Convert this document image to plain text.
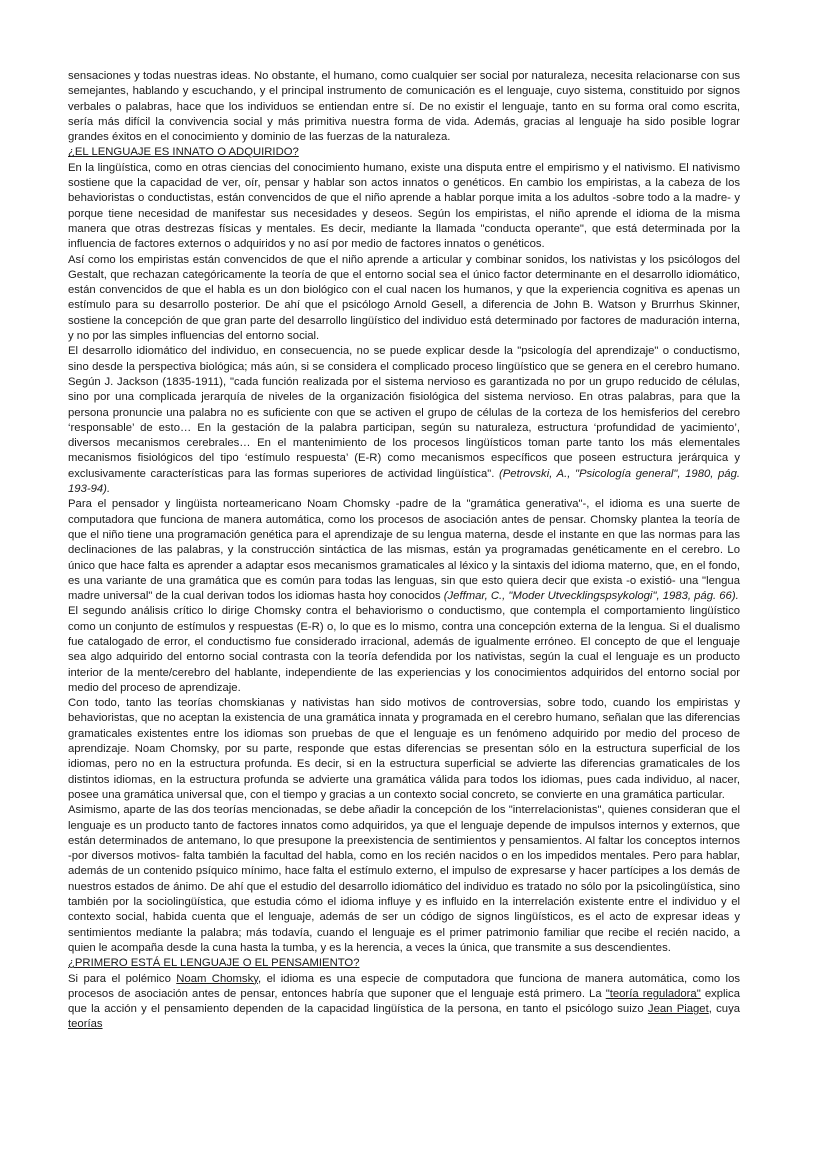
sensaciones y todas nuestras ideas. No obstante, el humano, como cualquier ser social por naturaleza, necesita relacionarse con sus semejantes, hablando y escuchando, y el principal instrumento de comunicación es el lenguaje, cuyo sistema, constituido por signos verbales o palabras, hace que los individuos se entiendan entre sí. De no existir el lenguaje, tanto en su forma oral como escrita, sería más difícil la convivencia social y más primitiva nuestra forma de vida. Además, gracias al lenguaje ha sido posible lograr grandes éxitos en el conocimiento y dominio de las fuerzas de la naturaleza.

¿EL LENGUAJE ES INNATO O ADQUIRIDO?

En la lingüística, como en otras ciencias del conocimiento humano, existe una disputa entre el empirismo y el nativismo. El nativismo sostiene que la capacidad de ver, oír, pensar y hablar son actos innatos o genéticos. En cambio los empiristas, a la cabeza de los behavioristas o conductistas, están convencidos de que el niño aprende a hablar porque imita a los adultos -sobre todo a la madre- y porque tiene necesidad de manifestar sus necesidades y deseos. Según los empiristas, el niño aprende el idioma de la misma manera que otras destrezas físicas y mentales. Es decir, mediante la llamada "conducta operante", que está determinada por la influencia de factores externos o adquiridos y no así por medio de factores innatos o genéticos.

Así como los empiristas están convencidos de que el niño aprende a articular y combinar sonidos, los nativistas y los psicólogos del Gestalt, que rechazan categóricamente la teoría de que el entorno social sea el único factor determinante en el desarrollo idiomático, están convencidos de que el habla es un don biológico con el cual nacen los humanos, y que la experiencia cognitiva es apenas un estímulo para su desarrollo posterior. De ahí que el psicólogo Arnold Gesell, a diferencia de John B. Watson y Brurrhus Skinner, sostiene la concepción de que gran parte del desarrollo lingüístico del individuo está determinado por factores de maduración interna, y no por las simples influencias del entorno social.

El desarrollo idiomático del individuo, en consecuencia, no se puede explicar desde la "psicología del aprendizaje" o conductismo, sino desde la perspectiva biológica; más aún, si se considera el complicado proceso lingüístico que se genera en el cerebro humano. Según J. Jackson (1835-1911), "cada función realizada por el sistema nervioso es garantizada no por un grupo reducido de células, sino por una complicada jerarquía de niveles de la organización fisiológica del sistema nervioso. En otras palabras, para que la persona pronuncie una palabra no es suficiente con que se activen el grupo de células de la corteza de los hemisferios del cerebro ‘responsable’ de esto… En la gestación de la palabra participan, según su naturaleza, estructura ‘profundidad de yacimiento’, diversos mecanismos cerebrales… En el mantenimiento de los procesos lingüísticos toman parte tanto los más elementales mecanismos fisiológicos del tipo ‘estímulo respuesta’ (E-R) como mecanismos específicos que poseen estructura jerárquica y exclusivamente características para las formas superiores de actividad lingüística". (Petrovski, A., "Psicología general", 1980, pág. 193-94).

Para el pensador y lingüista norteamericano Noam Chomsky -padre de la "gramática generativa"-, el idioma es una suerte de computadora que funciona de manera automática, como los procesos de asociación antes de pensar. Chomsky plantea la teoría de que el niño tiene una programación genética para el aprendizaje de su lengua materna, desde el instante en que las normas para las declinaciones de las palabras, y la construcción sintáctica de las mismas, están ya programadas genéticamente en el cerebro. Lo único que hace falta es aprender a adaptar esos mecanismos gramaticales al léxico y la sintaxis del idioma materno, que, en el fondo, es una variante de una gramática que es común para todas las lenguas, sin que esto quiera decir que exista -o existió- una "lengua madre universal" de la cual derivan todos los idiomas hasta hoy conocidos (Jeffmar, C., "Moder Utvecklingspsykologi", 1983, pág. 66).

El segundo análisis crítico lo dirige Chomsky contra el behaviorismo o conductismo, que contempla el comportamiento lingüístico como un conjunto de estímulos y respuestas (E-R) o, lo que es lo mismo, contra una concepción externa de la lengua. Si el dualismo fue catalogado de error, el conductismo fue considerado irracional, además de igualmente erróneo. El concepto de que el lenguaje sea algo adquirido del entorno social contrasta con la teoría defendida por los nativistas, según la cual el lenguaje es un producto interior de la mente/cerebro del hablante, independiente de las experiencias y los conocimientos adquiridos del entorno social por medio del proceso de aprendizaje.

Con todo, tanto las teorías chomskianas y nativistas han sido motivos de controversias, sobre todo, cuando los empiristas y behavioristas, que no aceptan la existencia de una gramática innata y programada en el cerebro humano, señalan que las diferencias gramaticales existentes entre los idiomas son pruebas de que el lenguaje es un fenómeno adquirido por medio del proceso de aprendizaje. Noam Chomsky, por su parte, responde que estas diferencias se presentan sólo en la estructura superficial de los idiomas, pero no en la estructura profunda. Es decir, si en la estructura superficial se advierte las diferencias gramaticales de los distintos idiomas, en la estructura profunda se advierte una gramática válida para todos los idiomas, pues cada individuo, al nacer, posee una gramática universal que, con el tiempo y gracias a un contexto social concreto, se convierte en una gramática particular.

Asimismo, aparte de las dos teorías mencionadas, se debe añadir la concepción de los "interrelacionistas", quienes consideran que el lenguaje es un producto tanto de factores innatos como adquiridos, ya que el lenguaje depende de impulsos internos y externos, que están determinados de antemano, lo que presupone la preexistencia de sentimientos y pensamientos. Al faltar los conceptos internos -por diversos motivos- falta también la facultad del habla, como en los recién nacidos o en los impedidos mentales. Pero para hablar, además de un contenido psíquico mínimo, hace falta el estímulo externo, el impulso de expresarse y hacer partícipes a los demás de nuestros estados de ánimo. De ahí que el estudio del desarrollo idiomático del individuo es tratado no sólo por la psicolingüística, sino también por la sociolingüística, que estudia cómo el idioma influye y es influido en la interrelación existente entre el individuo y el contexto social, habida cuenta que el lenguaje, además de ser un código de signos lingüísticos, es el acto de expresar ideas y sentimientos mediante la palabra; más todavía, cuando el lenguaje es el primer patrimonio familiar que recibe el recién nacido, a quien le acompaña desde la cuna hasta la tumba, y es la herencia, a veces la única, que transmite a sus descendientes.

¿PRIMERO ESTÁ EL LENGUAJE O EL PENSAMIENTO?

Si para el polémico Noam Chomsky, el idioma es una especie de computadora que funciona de manera automática, como los procesos de asociación antes de pensar, entonces habría que suponer que el lenguaje está primero. La "teoría reguladora" explica que la acción y el pensamiento dependen de la capacidad lingüística de la persona, en tanto el psicólogo suizo Jean Piaget, cuya teorías
